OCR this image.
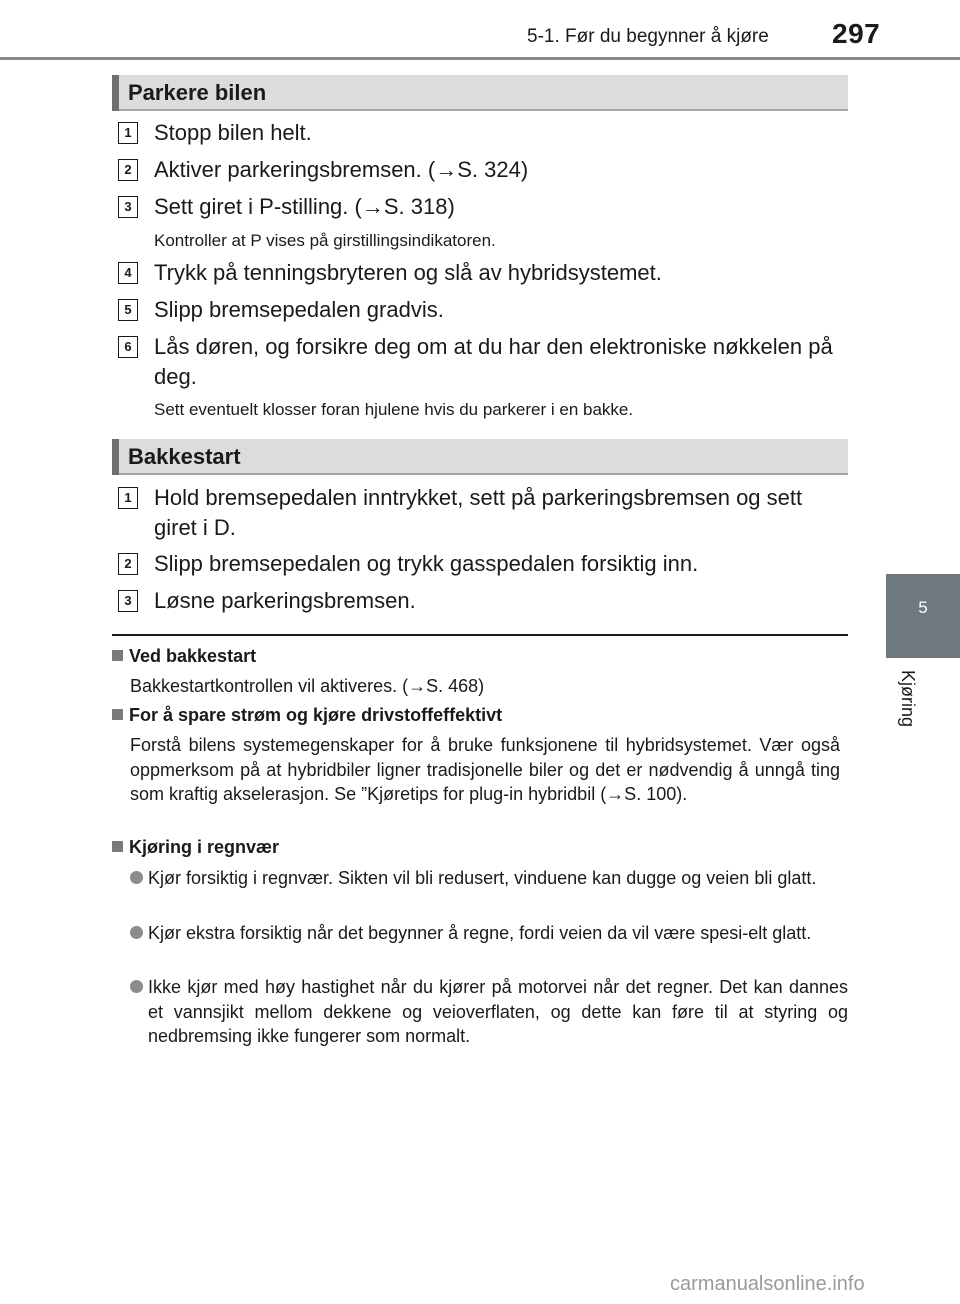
5-1. Før du begynner å kjøre 297
5
Kjøring
Parkere bilen
1 Stopp bilen helt.
2 Aktiver parkeringsbremsen. (→S. 324)
3 Sett giret i P-stilling. (→S. 318)
Kontroller at P vises på girstillingsindikatoren.
4 Trykk på tenningsbryteren og slå av hybridsystemet.
5 Slipp bremsepedalen gradvis.
6 Lås døren, og forsikre deg om at du har den elektroniske nøkkelen på deg.
Sett eventuelt klosser foran hjulene hvis du parkerer i en bakke.
Bakkestart
1 Hold bremsepedalen inntrykket, sett på parkeringsbremsen og sett giret i D.
2 Slipp bremsepedalen og trykk gasspedalen forsiktig inn.
3 Løsne parkeringsbremsen.
Ved bakkestart
Bakkestartkontrollen vil aktiveres. (→S. 468)
For å spare strøm og kjøre drivstoffeffektivt
Forstå bilens systemegenskaper for å bruke funksjonene til hybridsystemet. Vær også oppmerksom på at hybridbiler ligner tradisjonelle biler og det er nødvendig å unngå ting som kraftig akselerasjon. Se ”Kjøretips for plug-in hybridbil (→S. 100).
Kjøring i regnvær
Kjør forsiktig i regnvær. Sikten vil bli redusert, vinduene kan dugge og veien bli glatt.
Kjør ekstra forsiktig når det begynner å regne, fordi veien da vil være spesi-elt glatt.
Ikke kjør med høy hastighet når du kjører på motorvei når det regner. Det kan dannes et vannsjikt mellom dekkene og veioverflaten, og dette kan føre til at styring og nedbremsing ikke fungerer som normalt.
carmanualsonline.info
